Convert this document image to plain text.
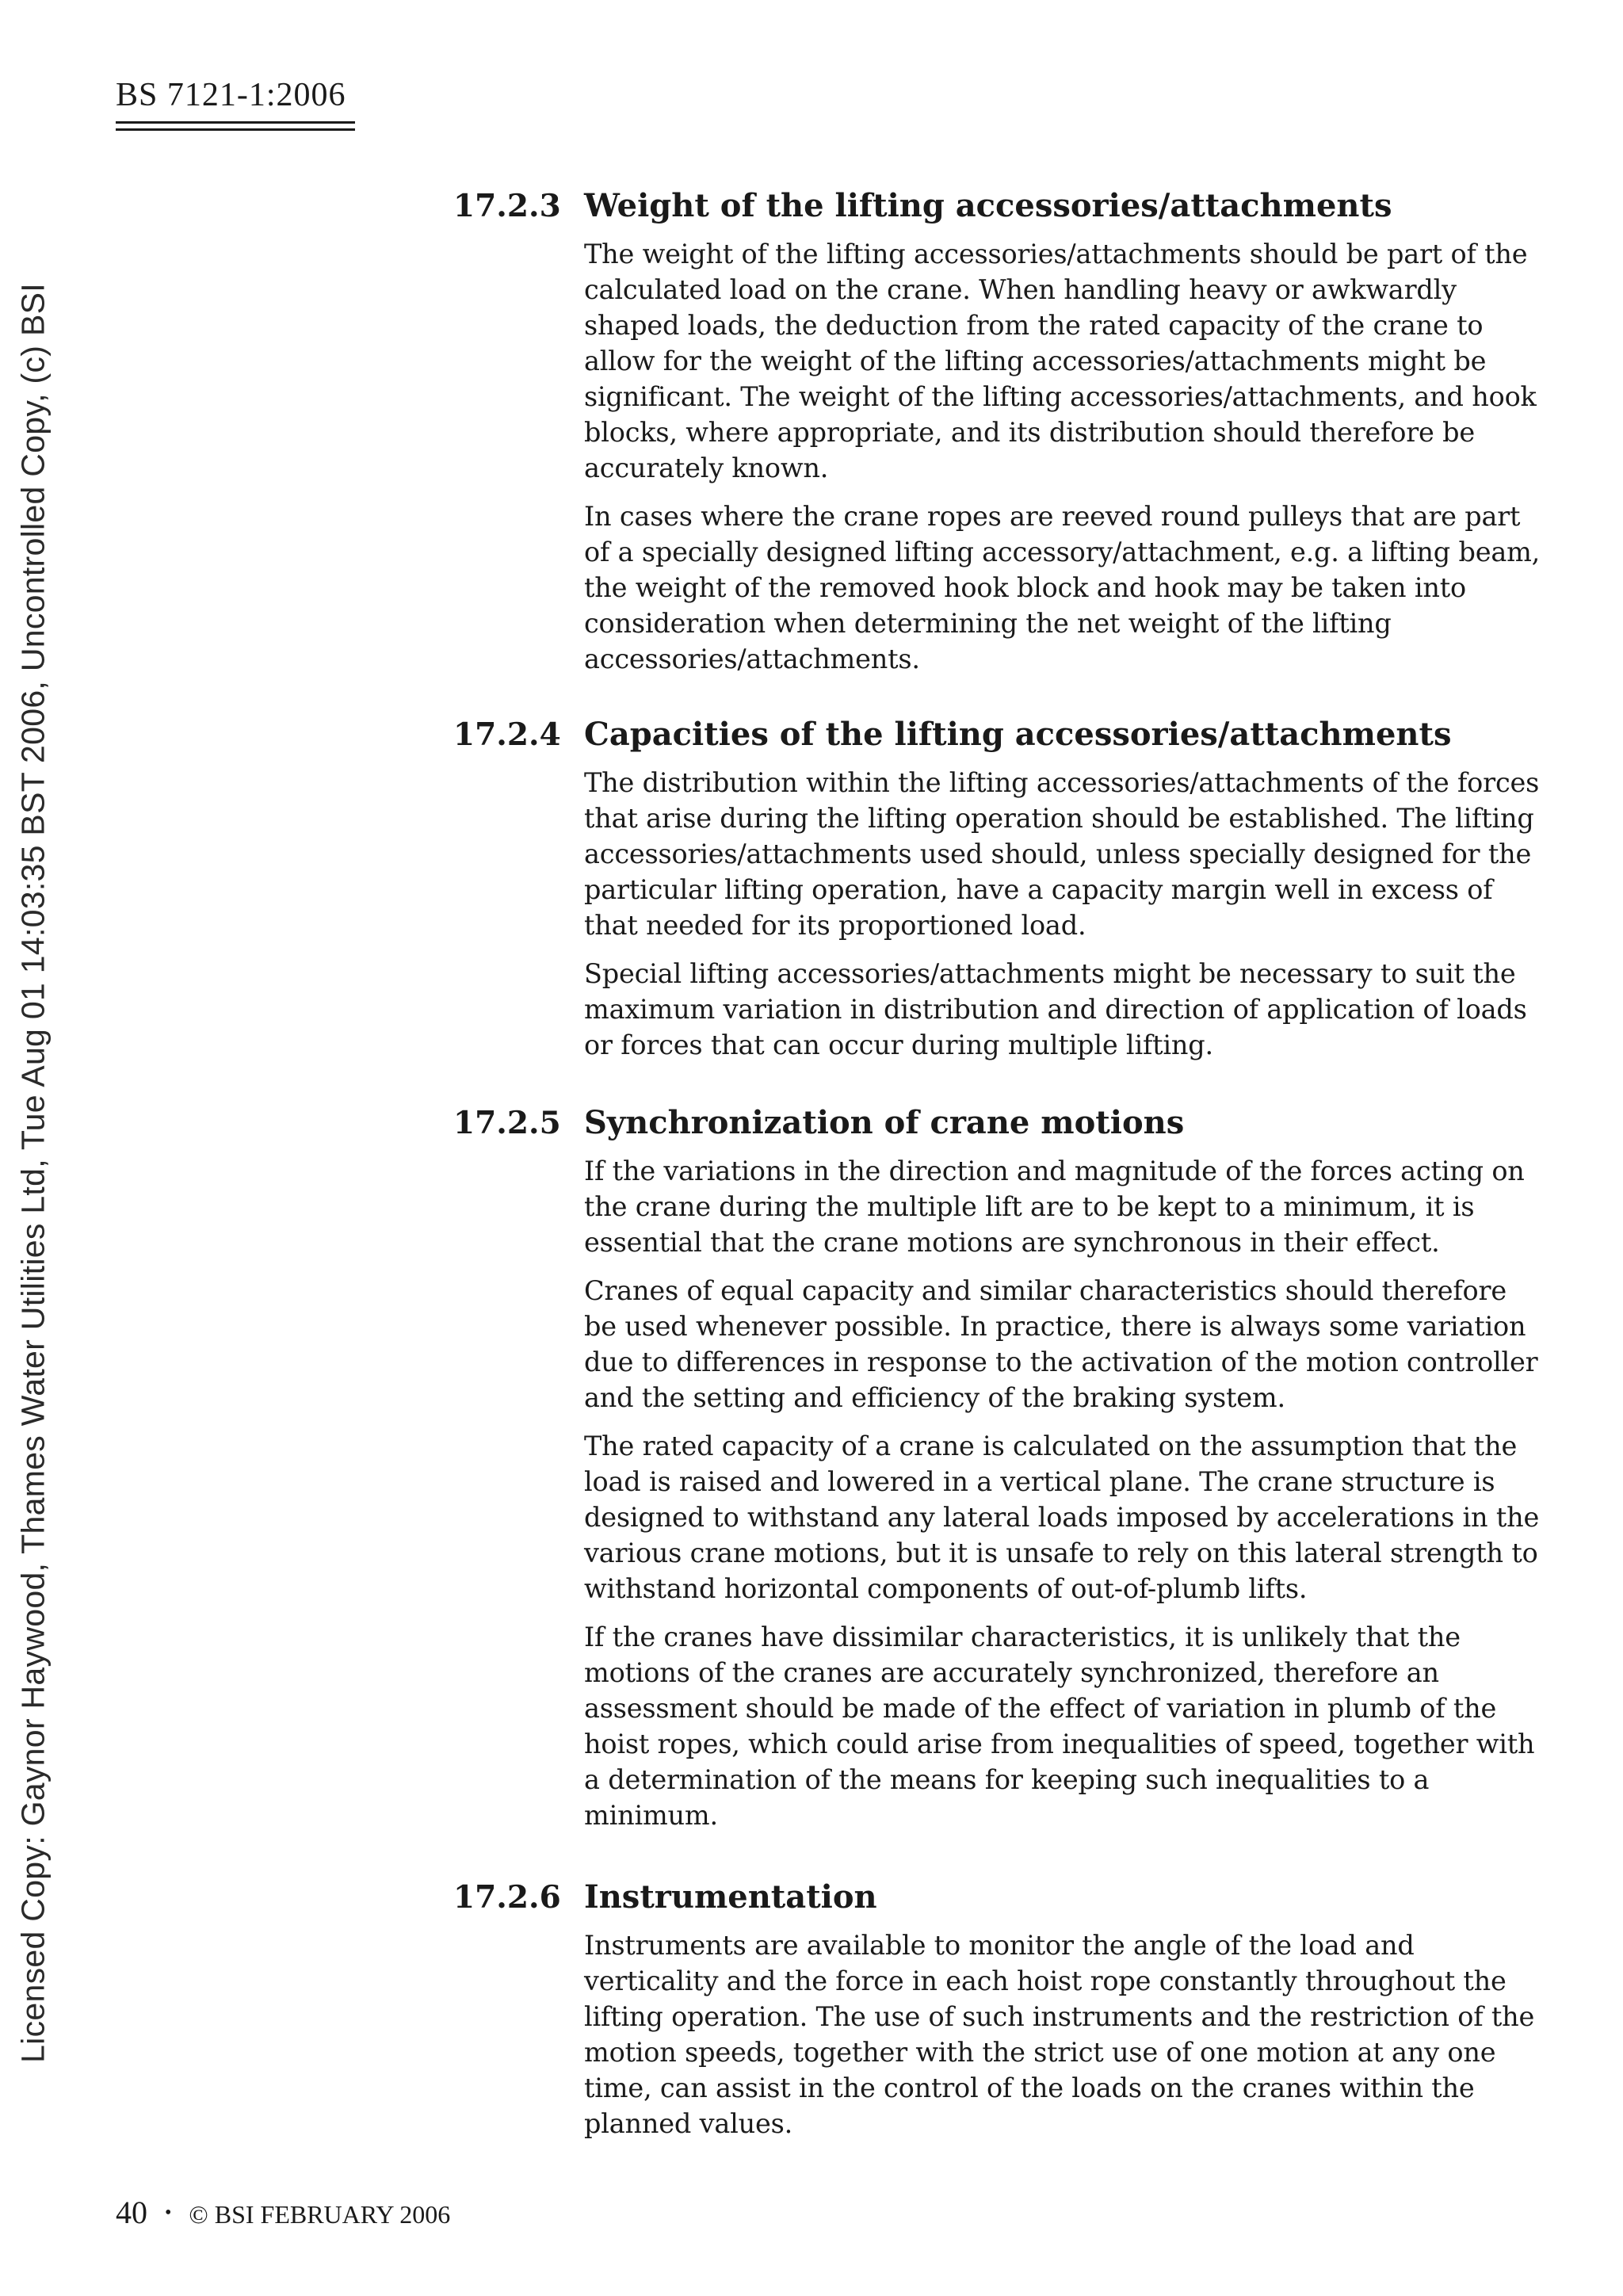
BS 7121-1:2006
Licensed Copy: Gaynor Haywood, Thames Water Utilities Ltd, Tue Aug 01 14:03:35 BST 2006, Uncontrolled Copy, (c) BSI
17.2.3 Weight of the lifting accessories/attachments

The weight of the lifting accessories/attachments should be part of the
calculated load on the crane. When handling heavy or awkwardly
shaped loads, the deduction from the rated capacity of the crane to
allow for the weight of the lifting accessories/attachments might be
significant. The weight of the lifting accessories/attachments, and hook
blocks, where appropriate, and its distribution should therefore be
accurately known.

In cases where the crane ropes are reeved round pulleys that are part
of a specially designed lifting accessory/attachment, e.g. a lifting beam,
the weight of the removed hook block and hook may be taken into
consideration when determining the net weight of the lifting
accessories/attachments.

17.2.4 Capacities of the lifting accessories/attachments

The distribution within the lifting accessories/attachments of the forces
that arise during the lifting operation should be established. The lifting
accessories/attachments used should, unless specially designed for the
particular lifting operation, have a capacity margin well in excess of
that needed for its proportioned load.

Special lifting accessories/attachments might be necessary to suit the
maximum variation in distribution and direction of application of loads
or forces that can occur during multiple lifting.

17.2.5 Synchronization of crane motions

If the variations in the direction and magnitude of the forces acting on
the crane during the multiple lift are to be kept to a minimum, it is
essential that the crane motions are synchronous in their effect.

Cranes of equal capacity and similar characteristics should therefore
be used whenever possible. In practice, there is always some variation
due to differences in response to the activation of the motion controller
and the setting and efficiency of the braking system.

The rated capacity of a crane is calculated on the assumption that the
load is raised and lowered in a vertical plane. The crane structure is
designed to withstand any lateral loads imposed by accelerations in the
various crane motions, but it is unsafe to rely on this lateral strength to
withstand horizontal components of out-of-plumb lifts.

If the cranes have dissimilar characteristics, it is unlikely that the
motions of the cranes are accurately synchronized, therefore an
assessment should be made of the effect of variation in plumb of the
hoist ropes, which could arise from inequalities of speed, together with
a determination of the means for keeping such inequalities to a
minimum.

17.2.6 Instrumentation

Instruments are available to monitor the angle of the load and
verticality and the force in each hoist rope constantly throughout the
lifting operation. The use of such instruments and the restriction of the
motion speeds, together with the strict use of one motion at any one
time, can assist in the control of the loads on the cranes within the
planned values.

40 • © BSI FEBRUARY 2006
